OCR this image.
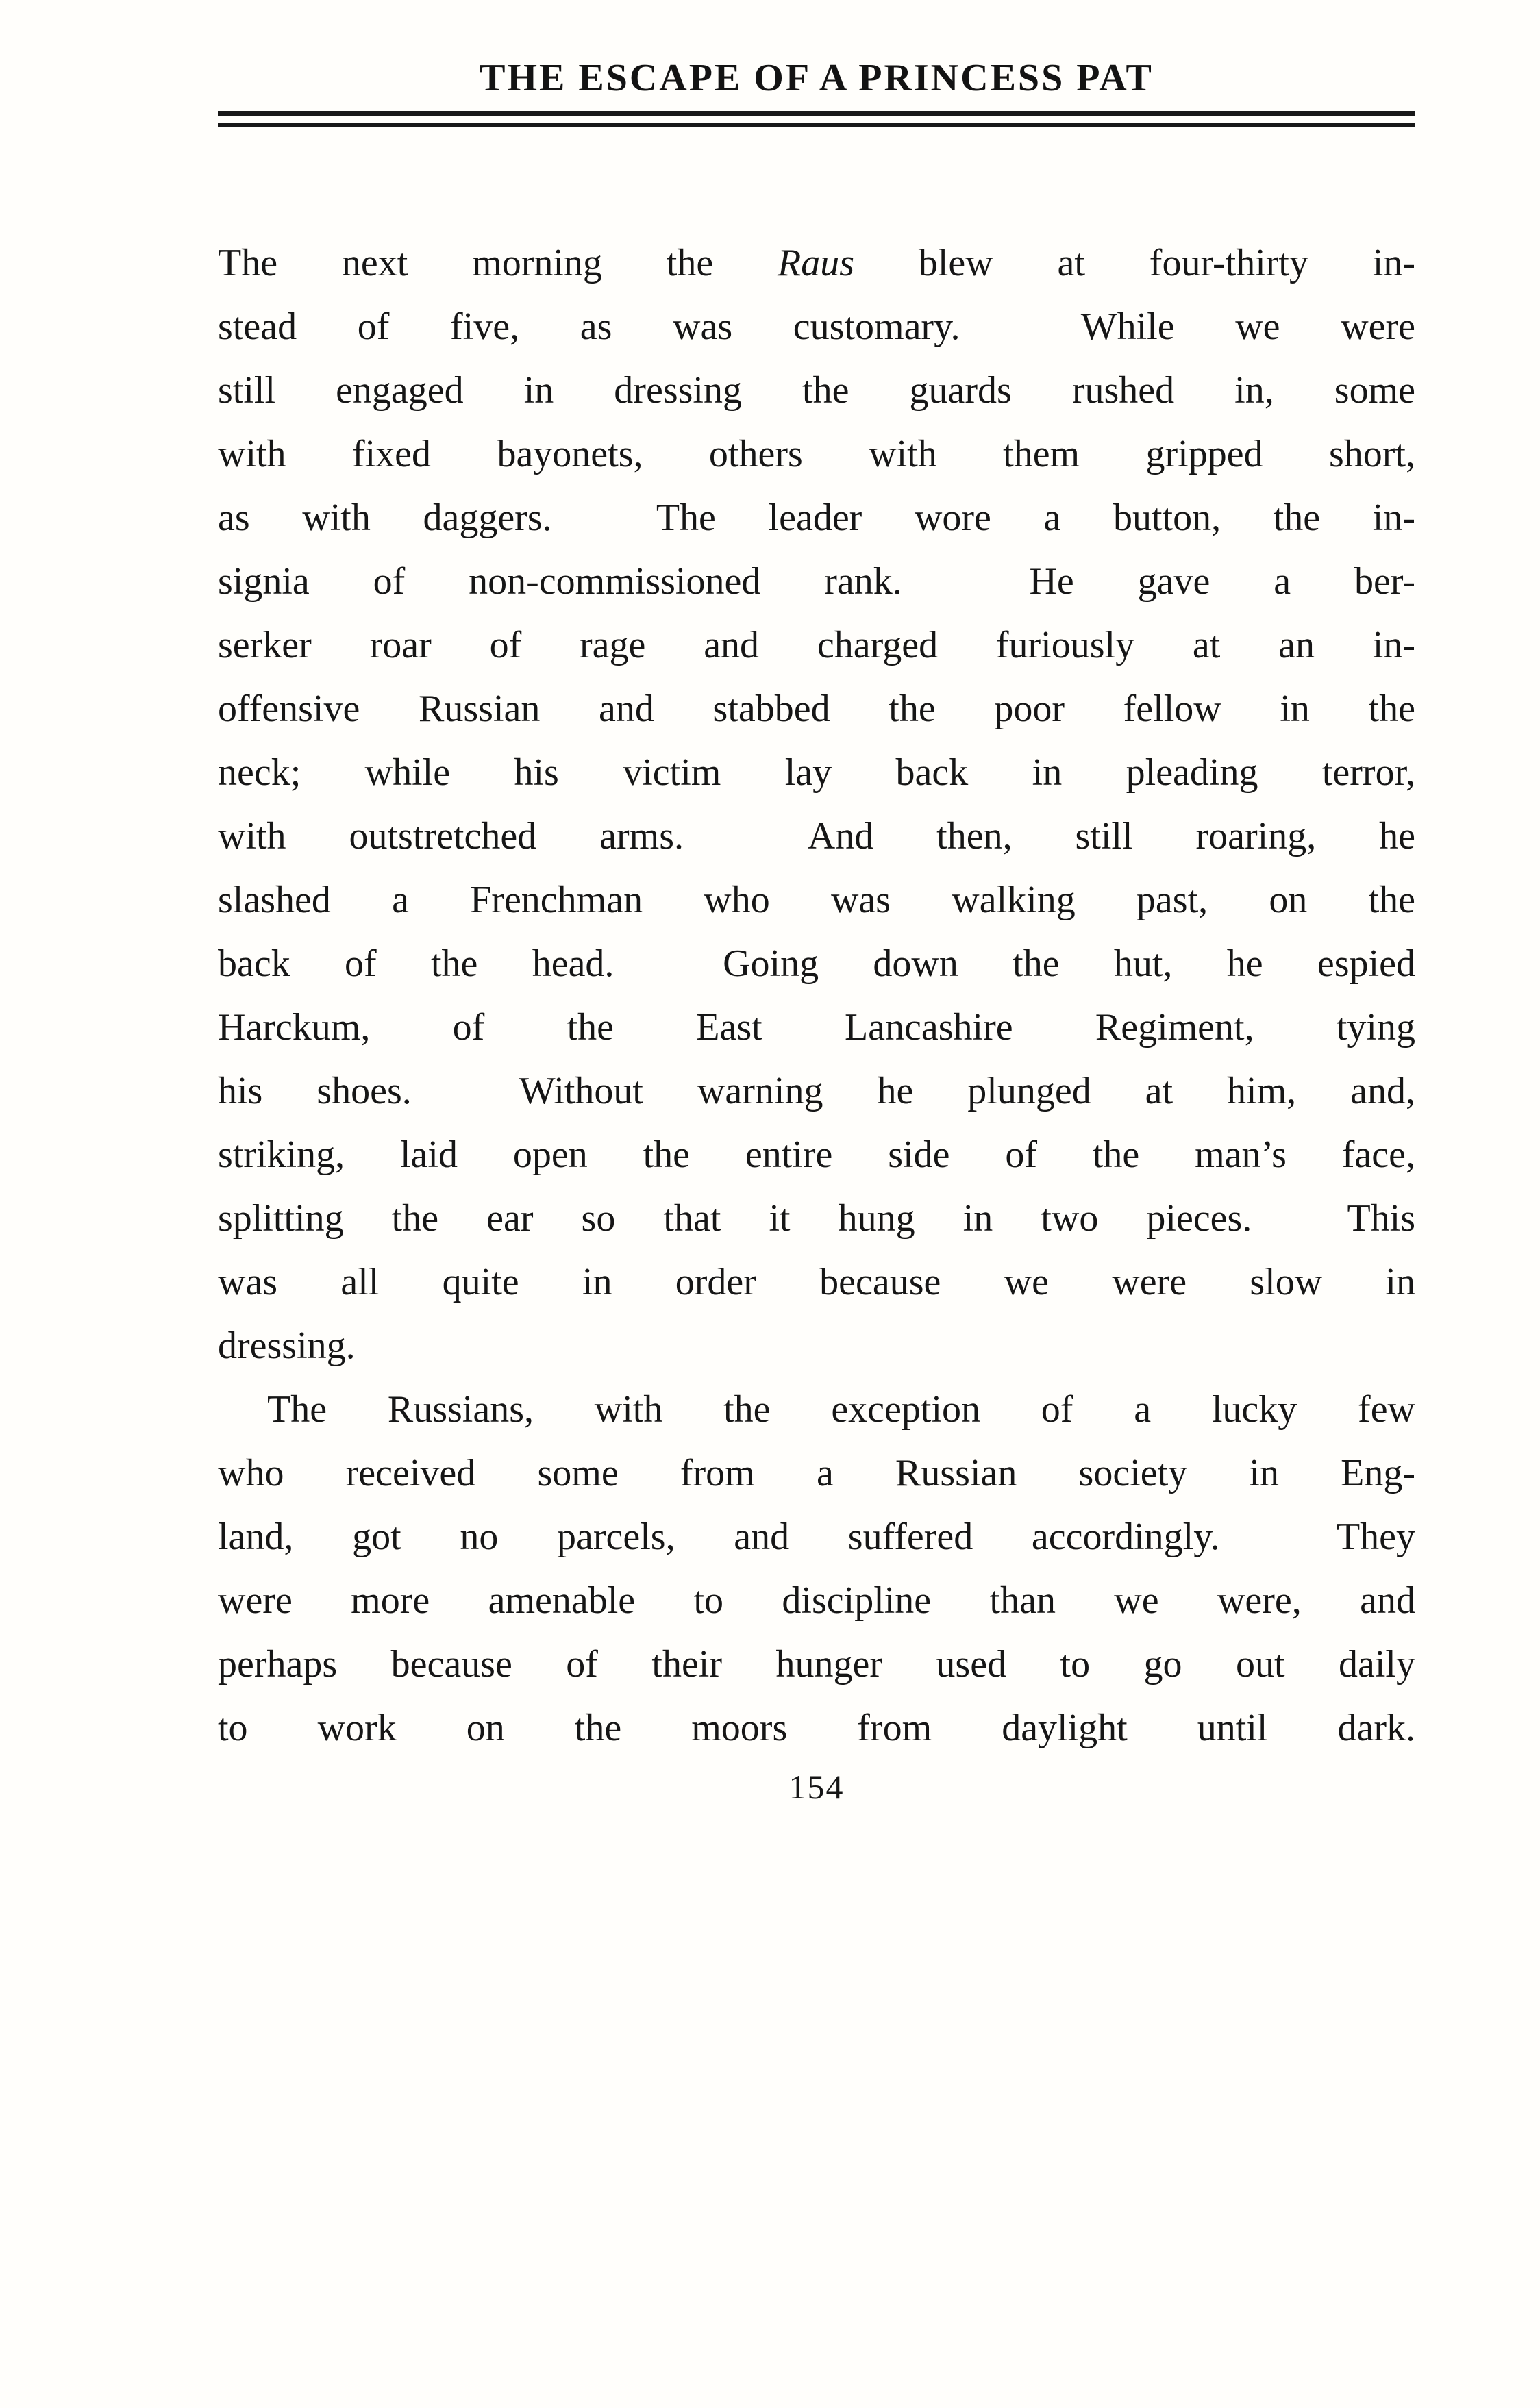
THE ESCAPE OF A PRINCESS PAT
The next morning the Raus blew at four-thirty in-
stead of five, as was customary.  While we were
still engaged in dressing the guards rushed in, some
with fixed bayonets, others with them gripped short,
as with daggers.  The leader wore a button, the in-
signia of non-commissioned rank.  He gave a ber-
serker roar of rage and charged furiously at an in-
offensive Russian and stabbed the poor fellow in the
neck; while his victim lay back in pleading terror,
with outstretched arms.  And then, still roaring, he
slashed a Frenchman who was walking past, on the
back of the head.  Going down the hut, he espied
Harckum, of the East Lancashire Regiment, tying
his shoes.  Without warning he plunged at him, and,
striking, laid open the entire side of the man’s face,
splitting the ear so that it hung in two pieces.  This
was all quite in order because we were slow in
dressing.
The Russians, with the exception of a lucky few
who received some from a Russian society in Eng-
land, got no parcels, and suffered accordingly.  They
were more amenable to discipline than we were, and
perhaps because of their hunger used to go out daily
to work on the moors from daylight until dark.
154
